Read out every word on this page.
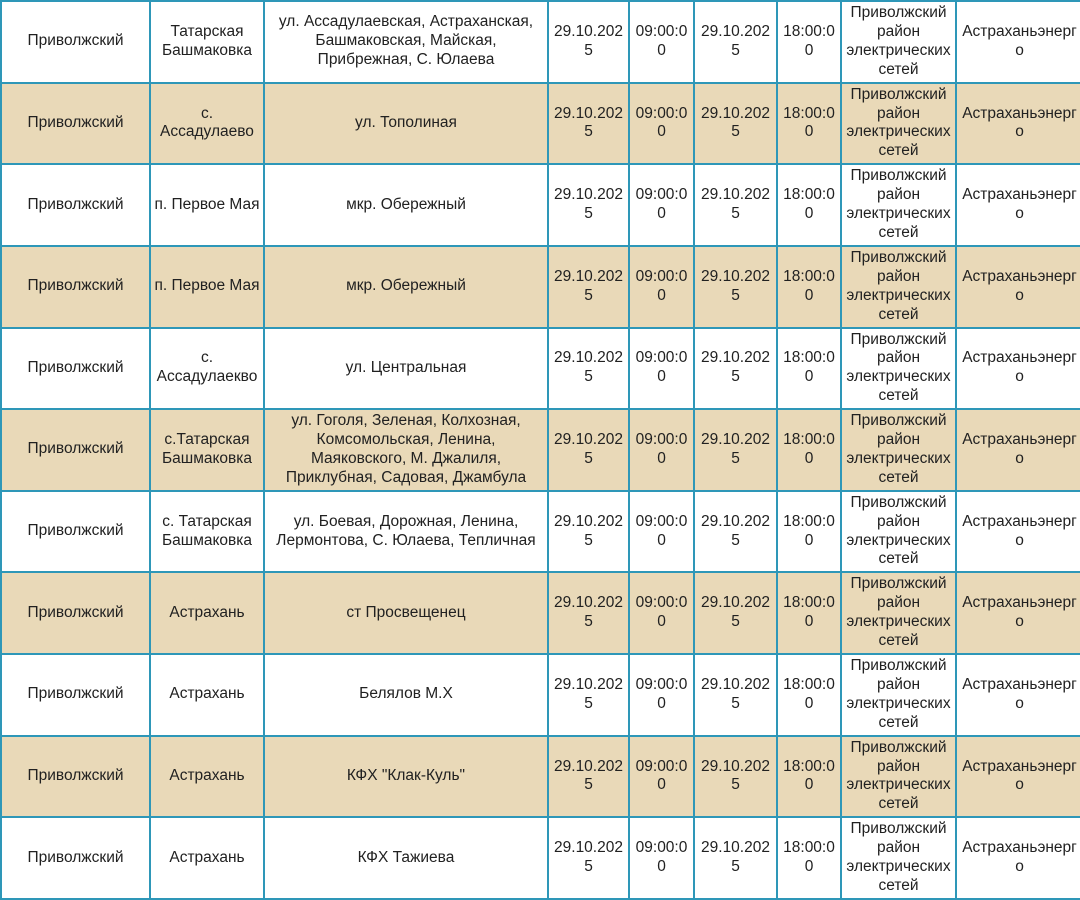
Приволжский	Татарская Башмаковка	ул. Ассадулаевская, Астраханская, Башмаковская, Майская, Прибрежная, С. Юлаева	29.10.2025	09:00:00	29.10.2025	18:00:00	Приволжский район электрических сетей	Астраханьэнерго
Приволжский	с. Ассадулаево	ул. Тополиная	29.10.2025	09:00:00	29.10.2025	18:00:00	Приволжский район электрических сетей	Астраханьэнерго
Приволжский	п. Первое Мая	мкр. Обережный	29.10.2025	09:00:00	29.10.2025	18:00:00	Приволжский район электрических сетей	Астраханьэнерго
Приволжский	п. Первое Мая	мкр. Обережный	29.10.2025	09:00:00	29.10.2025	18:00:00	Приволжский район электрических сетей	Астраханьэнерго
Приволжский	с. Ассадулаекво	ул. Центральная	29.10.2025	09:00:00	29.10.2025	18:00:00	Приволжский район электрических сетей	Астраханьэнерго
Приволжский	с.Татарская Башмаковка	ул. Гоголя, Зеленая, Колхозная, Комсомольская, Ленина, Маяковского, М. Джалиля, Приклубная, Садовая, Джамбула	29.10.2025	09:00:00	29.10.2025	18:00:00	Приволжский район электрических сетей	Астраханьэнерго
Приволжский	с. Татарская Башмаковка	ул. Боевая, Дорожная, Ленина, Лермонтова, С. Юлаева, Тепличная	29.10.2025	09:00:00	29.10.2025	18:00:00	Приволжский район электрических сетей	Астраханьэнерго
Приволжский	Астрахань	ст Просвещенец	29.10.2025	09:00:00	29.10.2025	18:00:00	Приволжский район электрических сетей	Астраханьэнерго
Приволжский	Астрахань	Белялов М.Х	29.10.2025	09:00:00	29.10.2025	18:00:00	Приволжский район электрических сетей	Астраханьэнерго
Приволжский	Астрахань	КФХ "Клак-Куль"	29.10.2025	09:00:00	29.10.2025	18:00:00	Приволжский район электрических сетей	Астраханьэнерго
Приволжский	Астрахань	КФХ Тажиева	29.10.2025	09:00:00	29.10.2025	18:00:00	Приволжский район электрических сетей	Астраханьэнерго
